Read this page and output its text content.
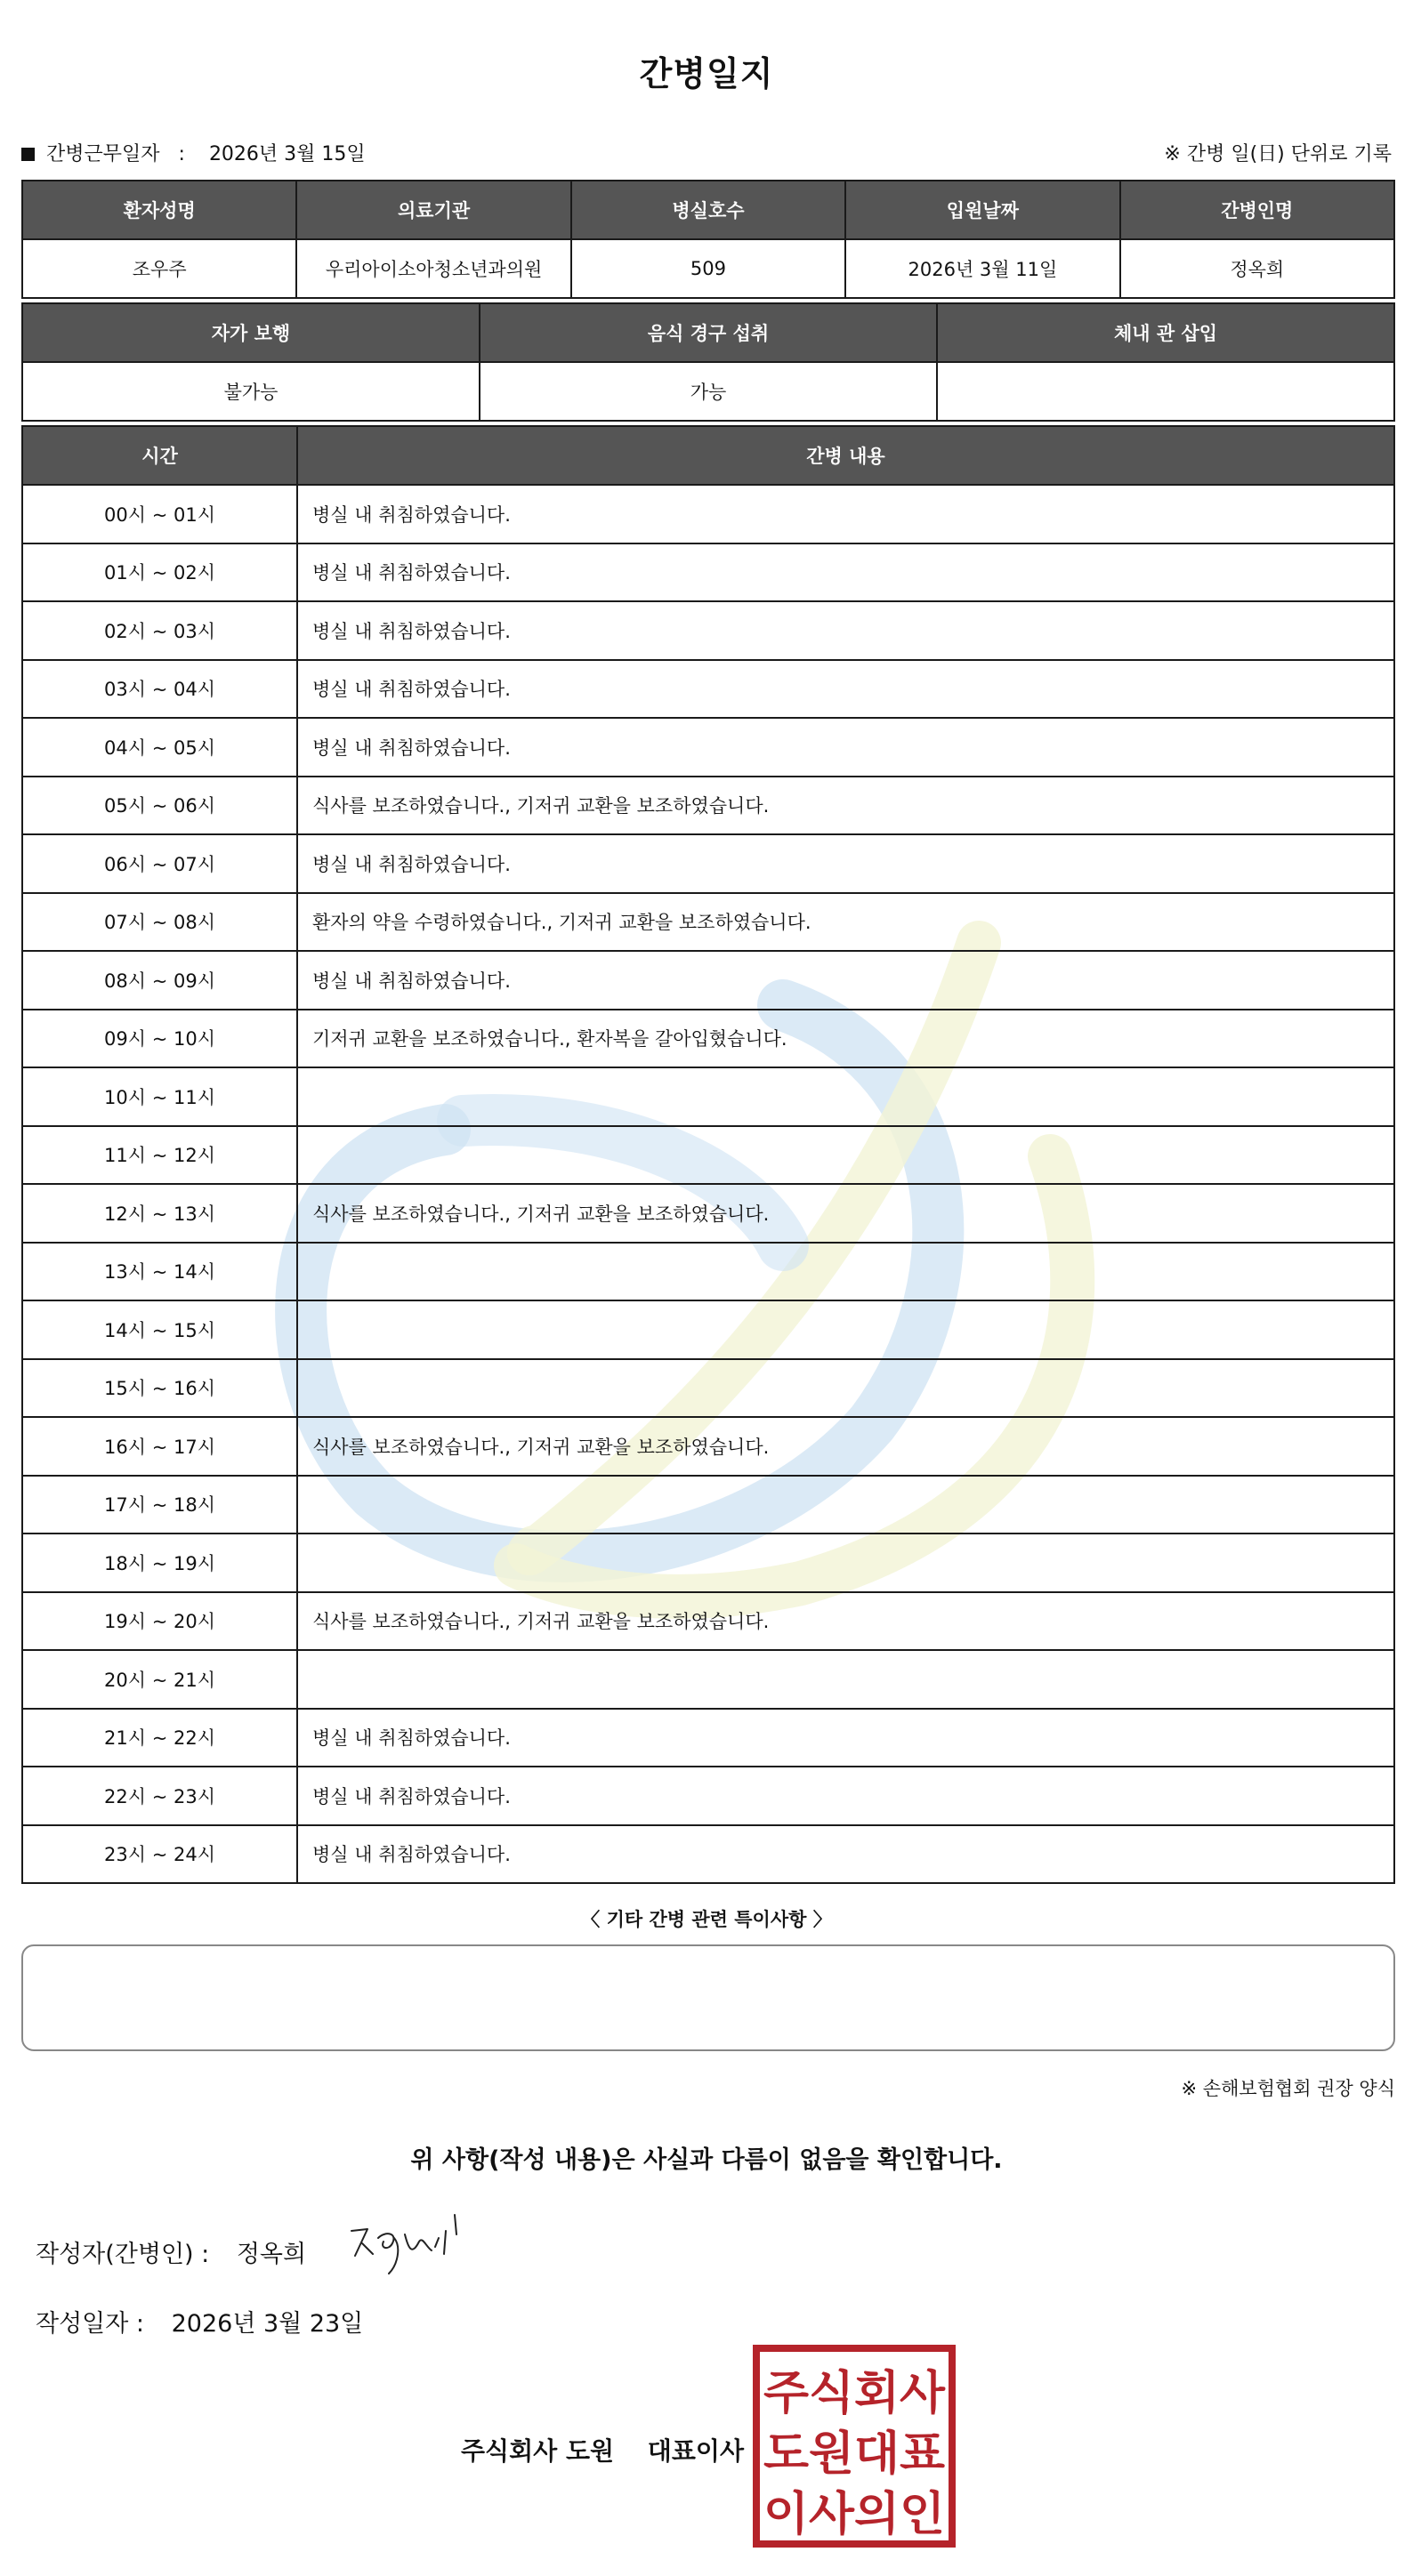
간병일지
간병근무일자 : 2026년 3월 15일	※ 간병 일(日) 단위로 기록
환자성명	의료기관	병실호수	입원날짜	간병인명
조우주	우리아이소아청소년과의원	509	2026년 3월 11일	정옥희
자가 보행	음식 경구 섭취	체내 관 삽입
불가능	가능	
시간	간병 내용
00시 ~ 01시	병실 내 취침하였습니다.
01시 ~ 02시	병실 내 취침하였습니다.
02시 ~ 03시	병실 내 취침하였습니다.
03시 ~ 04시	병실 내 취침하였습니다.
04시 ~ 05시	병실 내 취침하였습니다.
05시 ~ 06시	식사를 보조하였습니다., 기저귀 교환을 보조하였습니다.
06시 ~ 07시	병실 내 취침하였습니다.
07시 ~ 08시	환자의 약을 수령하였습니다., 기저귀 교환을 보조하였습니다.
08시 ~ 09시	병실 내 취침하였습니다.
09시 ~ 10시	기저귀 교환을 보조하였습니다., 환자복을 갈아입혔습니다.
10시 ~ 11시	
11시 ~ 12시	
12시 ~ 13시	식사를 보조하였습니다., 기저귀 교환을 보조하였습니다.
13시 ~ 14시	
14시 ~ 15시	
15시 ~ 16시	
16시 ~ 17시	식사를 보조하였습니다., 기저귀 교환을 보조하였습니다.
17시 ~ 18시	
18시 ~ 19시	
19시 ~ 20시	식사를 보조하였습니다., 기저귀 교환을 보조하였습니다.
20시 ~ 21시	
21시 ~ 22시	병실 내 취침하였습니다.
22시 ~ 23시	병실 내 취침하였습니다.
23시 ~ 24시	병실 내 취침하였습니다.
〈 기타 간병 관련 특이사항 〉
※ 손해보험협회 권장 양식
위 사항(작성 내용)은 사실과 다름이 없음을 확인합니다.
작성자(간병인) : 정옥희
작성일자 : 2026년 3월 23일
주식회사 도원 대표이사
주식회사
도원대표
이사의인
